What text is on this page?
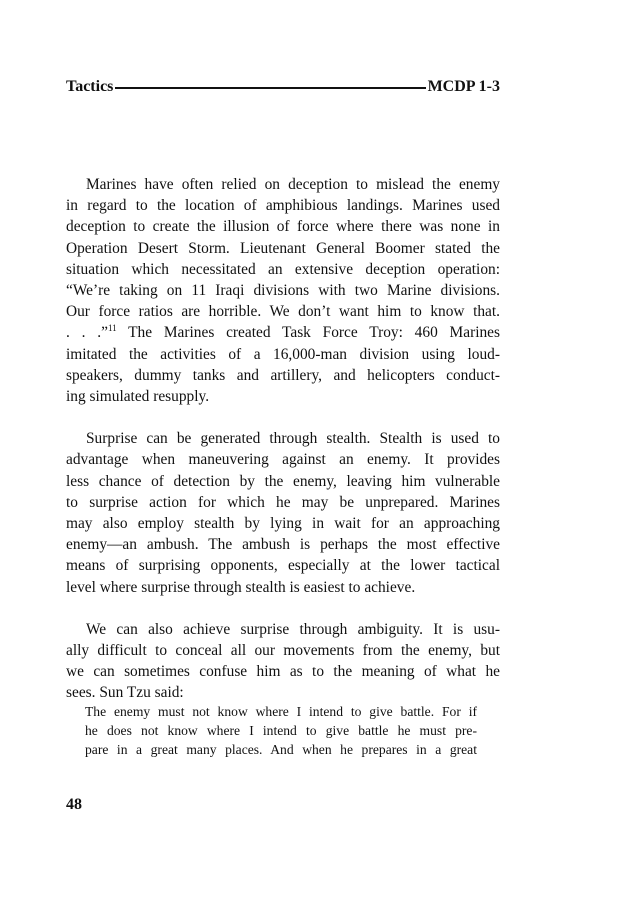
Tactics	MCDP 1-3
Marines have often relied on deception to mislead the enemy
in regard to the location of amphibious landings. Marines used
deception to create the illusion of force where there was none in
Operation Desert Storm. Lieutenant General Boomer stated the
situation which necessitated an extensive deception operation:
“We’re taking on 11 Iraqi divisions with two Marine divisions.
Our force ratios are horrible. We don’t want him to know that.
. . .”$^{11}$ The Marines created Task Force Troy: 460 Marines
imitated the activities of a 16,000-man division using loud-
speakers, dummy tanks and artillery, and helicopters conduct-
ing simulated resupply.
Surprise can be generated through stealth. Stealth is used to
advantage when maneuvering against an enemy. It provides
less chance of detection by the enemy, leaving him vulnerable
to surprise action for which he may be unprepared. Marines
may also employ stealth by lying in wait for an approaching
enemy—an ambush. The ambush is perhaps the most effective
means of surprising opponents, especially at the lower tactical
level where surprise through stealth is easiest to achieve.
We can also achieve surprise through ambiguity. It is usu-
ally difficult to conceal all our movements from the enemy, but
we can sometimes confuse him as to the meaning of what he
sees. Sun Tzu said:
The enemy must not know where I intend to give battle. For if
he does not know where I intend to give battle he must pre-
pare in a great many places. And when he prepares in a great
48
